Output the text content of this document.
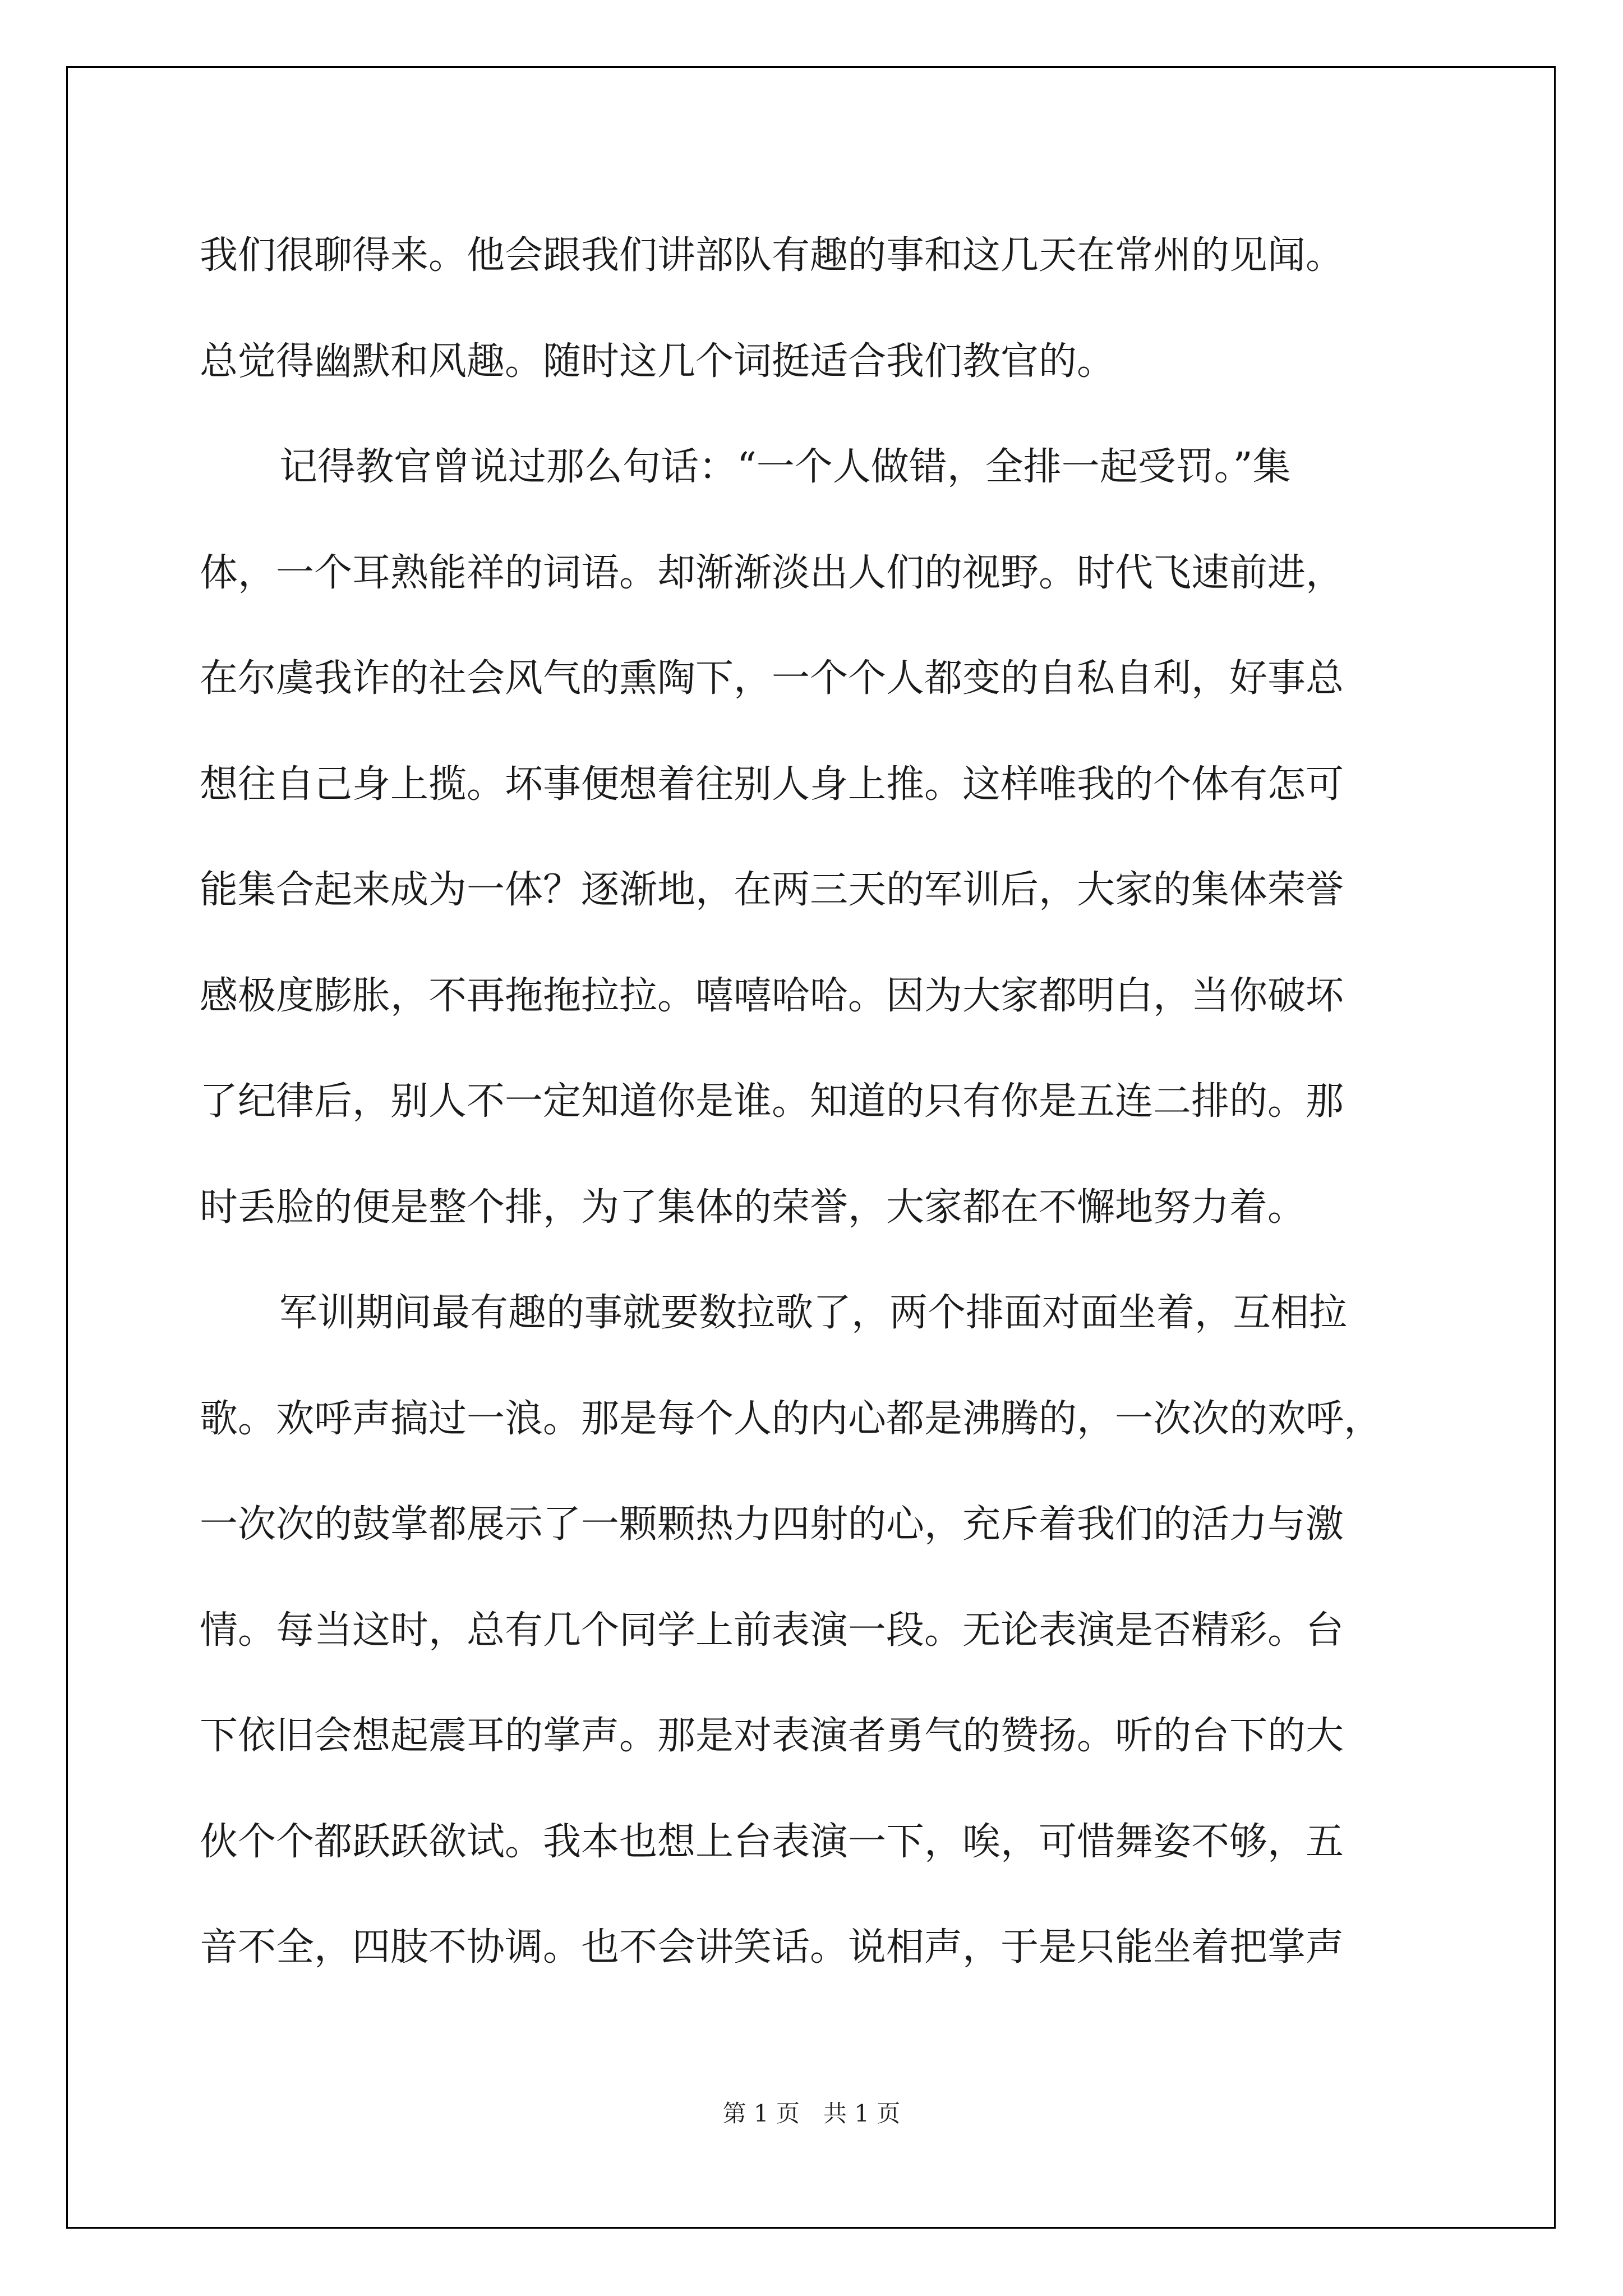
我们很聊得来。他会跟我们讲部队有趣的事和这几天在常州的见闻。
总觉得幽默和风趣。随时这几个词挺适合我们教官的。
记得教官曾说过那么句话：“一个人做错，全排一起受罚。”集
体，一个耳熟能祥的词语。却渐渐淡出人们的视野。时代飞速前进，
在尔虞我诈的社会风气的熏陶下，一个个人都变的自私自利，好事总
想往自己身上揽。坏事便想着往别人身上推。这样唯我的个体有怎可
能集合起来成为一体？逐渐地，在两三天的军训后，大家的集体荣誉
感极度膨胀，不再拖拖拉拉。嘻嘻哈哈。因为大家都明白，当你破坏
了纪律后，别人不一定知道你是谁。知道的只有你是五连二排的。那
时丢脸的便是整个排，为了集体的荣誉，大家都在不懈地努力着。
军训期间最有趣的事就要数拉歌了，两个排面对面坐着，互相拉
歌。欢呼声搞过一浪。那是每个人的内心都是沸腾的，一次次的欢呼，
一次次的鼓掌都展示了一颗颗热力四射的心，充斥着我们的活力与激
情。每当这时，总有几个同学上前表演一段。无论表演是否精彩。台
下依旧会想起震耳的掌声。那是对表演者勇气的赞扬。听的台下的大
伙个个都跃跃欲试。我本也想上台表演一下，唉，可惜舞姿不够，五
音不全，四肢不协调。也不会讲笑话。说相声，于是只能坐着把掌声
第 1 页　共 1 页
